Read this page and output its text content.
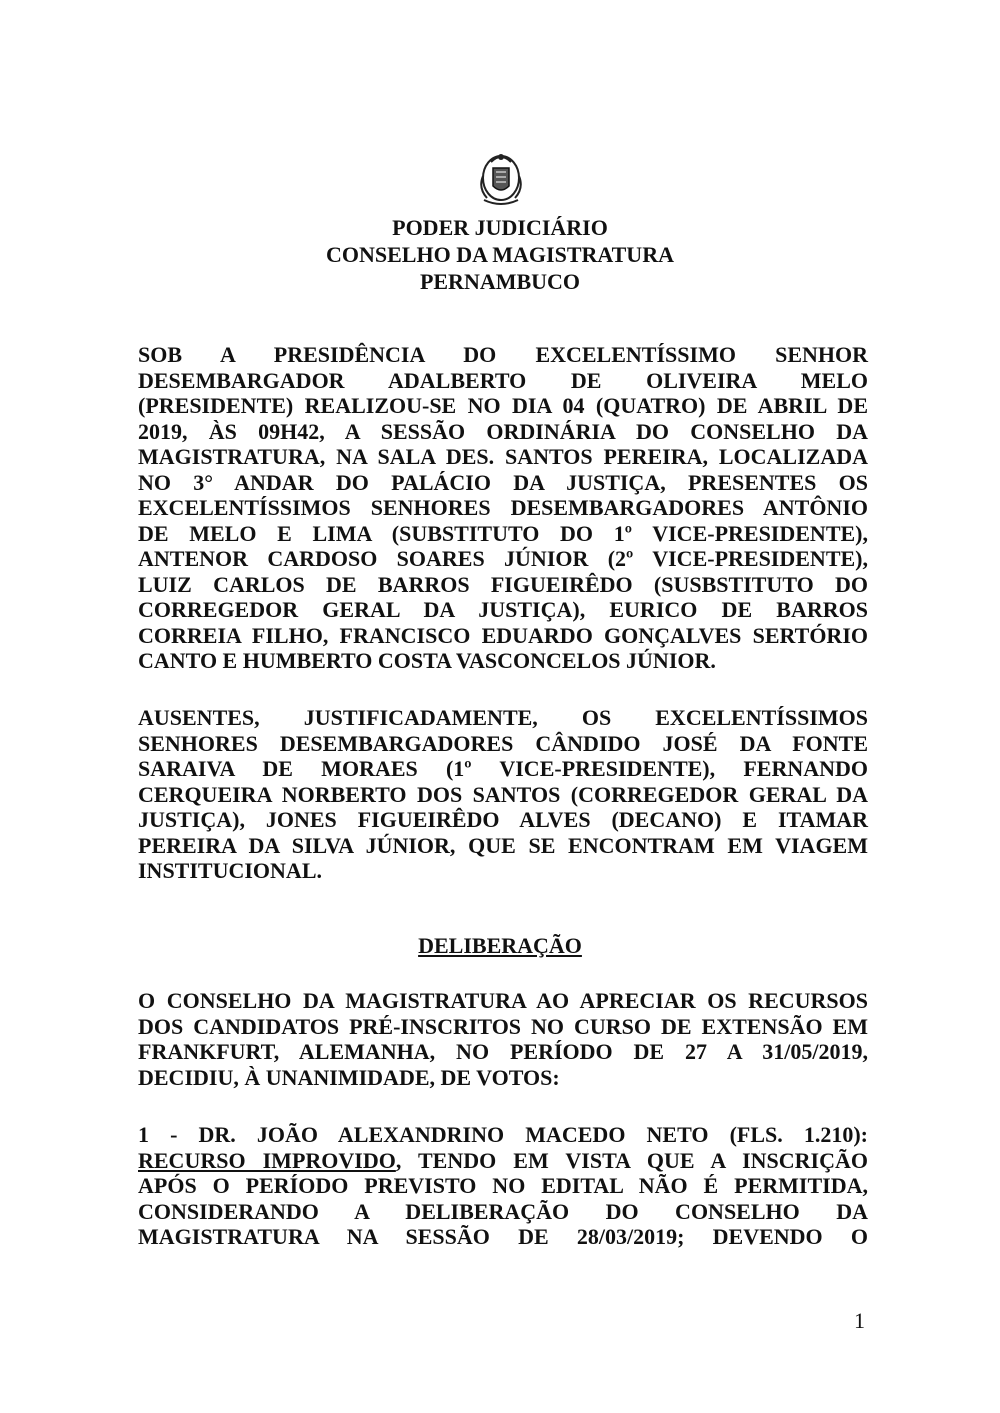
PODER JUDICIÁRIO
CONSELHO DA MAGISTRATURA
PERNAMBUCO
SOB A PRESIDÊNCIA DO EXCELENTÍSSIMO SENHOR
DESEMBARGADOR ADALBERTO DE OLIVEIRA MELO
(PRESIDENTE) REALIZOU-SE NO DIA 04 (QUATRO) DE ABRIL DE
2019, ÀS 09H42, A SESSÃO ORDINÁRIA DO CONSELHO DA
MAGISTRATURA, NA SALA DES. SANTOS PEREIRA, LOCALIZADA
NO 3° ANDAR DO PALÁCIO DA JUSTIÇA, PRESENTES OS
EXCELENTÍSSIMOS SENHORES DESEMBARGADORES ANTÔNIO
DE MELO E LIMA (SUBSTITUTO DO 1º VICE-PRESIDENTE),
ANTENOR CARDOSO SOARES JÚNIOR (2º VICE-PRESIDENTE),
LUIZ CARLOS DE BARROS FIGUEIRÊDO (SUSBSTITUTO DO
CORREGEDOR GERAL DA JUSTIÇA), EURICO DE BARROS
CORREIA FILHO, FRANCISCO EDUARDO GONÇALVES SERTÓRIO
CANTO E HUMBERTO COSTA VASCONCELOS JÚNIOR.
AUSENTES, JUSTIFICADAMENTE, OS EXCELENTÍSSIMOS
SENHORES DESEMBARGADORES CÂNDIDO JOSÉ DA FONTE
SARAIVA DE MORAES (1º VICE-PRESIDENTE), FERNANDO
CERQUEIRA NORBERTO DOS SANTOS (CORREGEDOR GERAL DA
JUSTIÇA), JONES FIGUEIRÊDO ALVES (DECANO) E ITAMAR
PEREIRA DA SILVA JÚNIOR, QUE SE ENCONTRAM EM VIAGEM
INSTITUCIONAL.
DELIBERAÇÃO
O CONSELHO DA MAGISTRATURA AO APRECIAR OS RECURSOS
DOS CANDIDATOS PRÉ-INSCRITOS NO CURSO DE EXTENSÃO EM
FRANKFURT, ALEMANHA, NO PERÍODO DE 27 A 31/05/2019,
DECIDIU, À UNANIMIDADE, DE VOTOS:
1 - DR. JOÃO ALEXANDRINO MACEDO NETO (FLS. 1.210):
RECURSO IMPROVIDO, TENDO EM VISTA QUE A INSCRIÇÃO
APÓS O PERÍODO PREVISTO NO EDITAL NÃO É PERMITIDA,
CONSIDERANDO A DELIBERAÇÃO DO CONSELHO DA
MAGISTRATURA NA SESSÃO DE 28/03/2019; DEVENDO O
1
